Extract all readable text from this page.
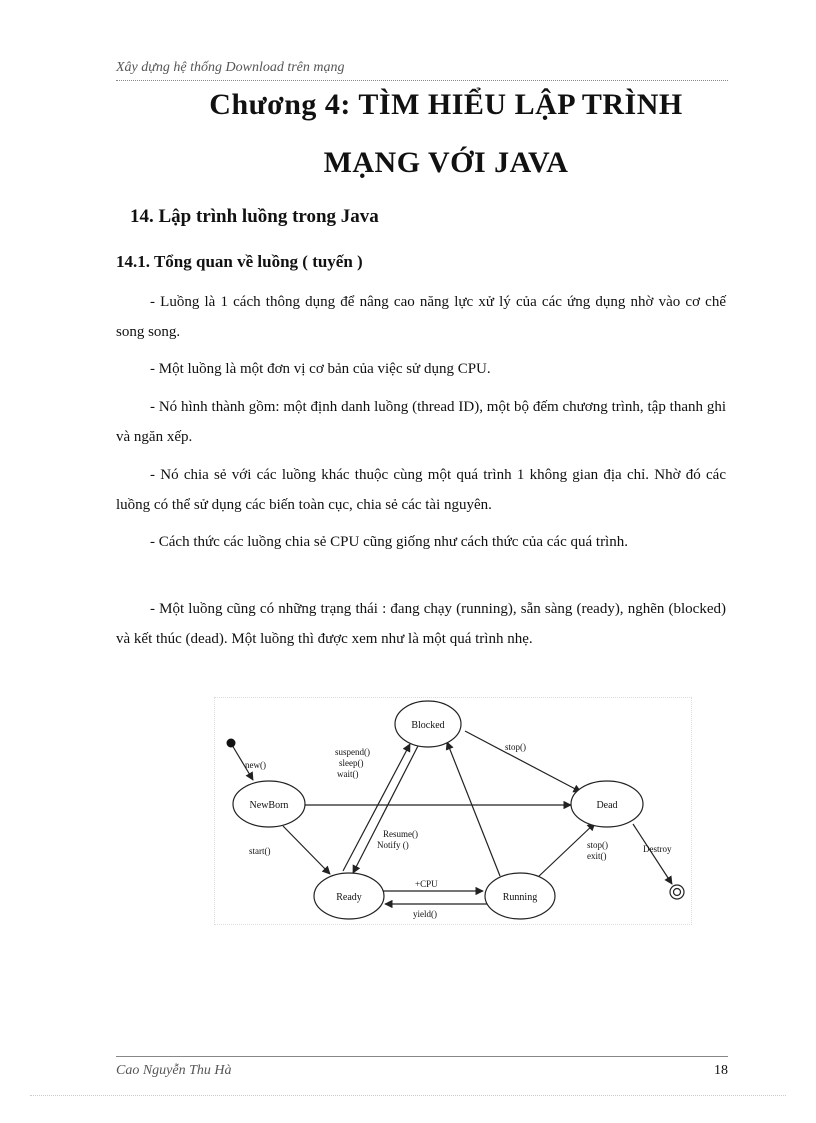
Xây dựng hệ thống Download trên mạng
Chương 4: TÌM HIỂU LẬP TRÌNH
MẠNG VỚI JAVA
14. Lập trình luồng trong Java
14.1. Tổng quan về luồng ( tuyến )

- Luồng là 1 cách thông dụng để nâng cao năng lực xử lý của các ứng dụng nhờ vào cơ chế song song.

- Một luồng là một đơn vị cơ bản của việc sử dụng CPU.

- Nó hình thành gồm: một định danh luồng (thread ID), một bộ đếm chương trình, tập thanh ghi và ngăn xếp.

- Nó chia sẻ với các luồng khác thuộc cùng một quá trình 1 không gian địa chỉ. Nhờ đó các luồng có thể sử dụng các biến toàn cục, chia sẻ các tài nguyên.

- Cách thức các luồng chia sẻ CPU cũng giống như cách thức của các quá trình.

- Một luồng cũng có những trạng thái : đang chạy (running), sẵn sàng (ready), nghẽn (blocked) và kết thúc (dead). Một luồng thì được xem như là một quá trình nhẹ.

Blocked
NewBorn	Dead
Ready	Running
new()
suspend()
sleep()
wait()
stop()
Resume()
Notify ()
start()
+CPU
yield()
stop()
exit()
Destroy
Cao Nguyễn Thu Hà	18
